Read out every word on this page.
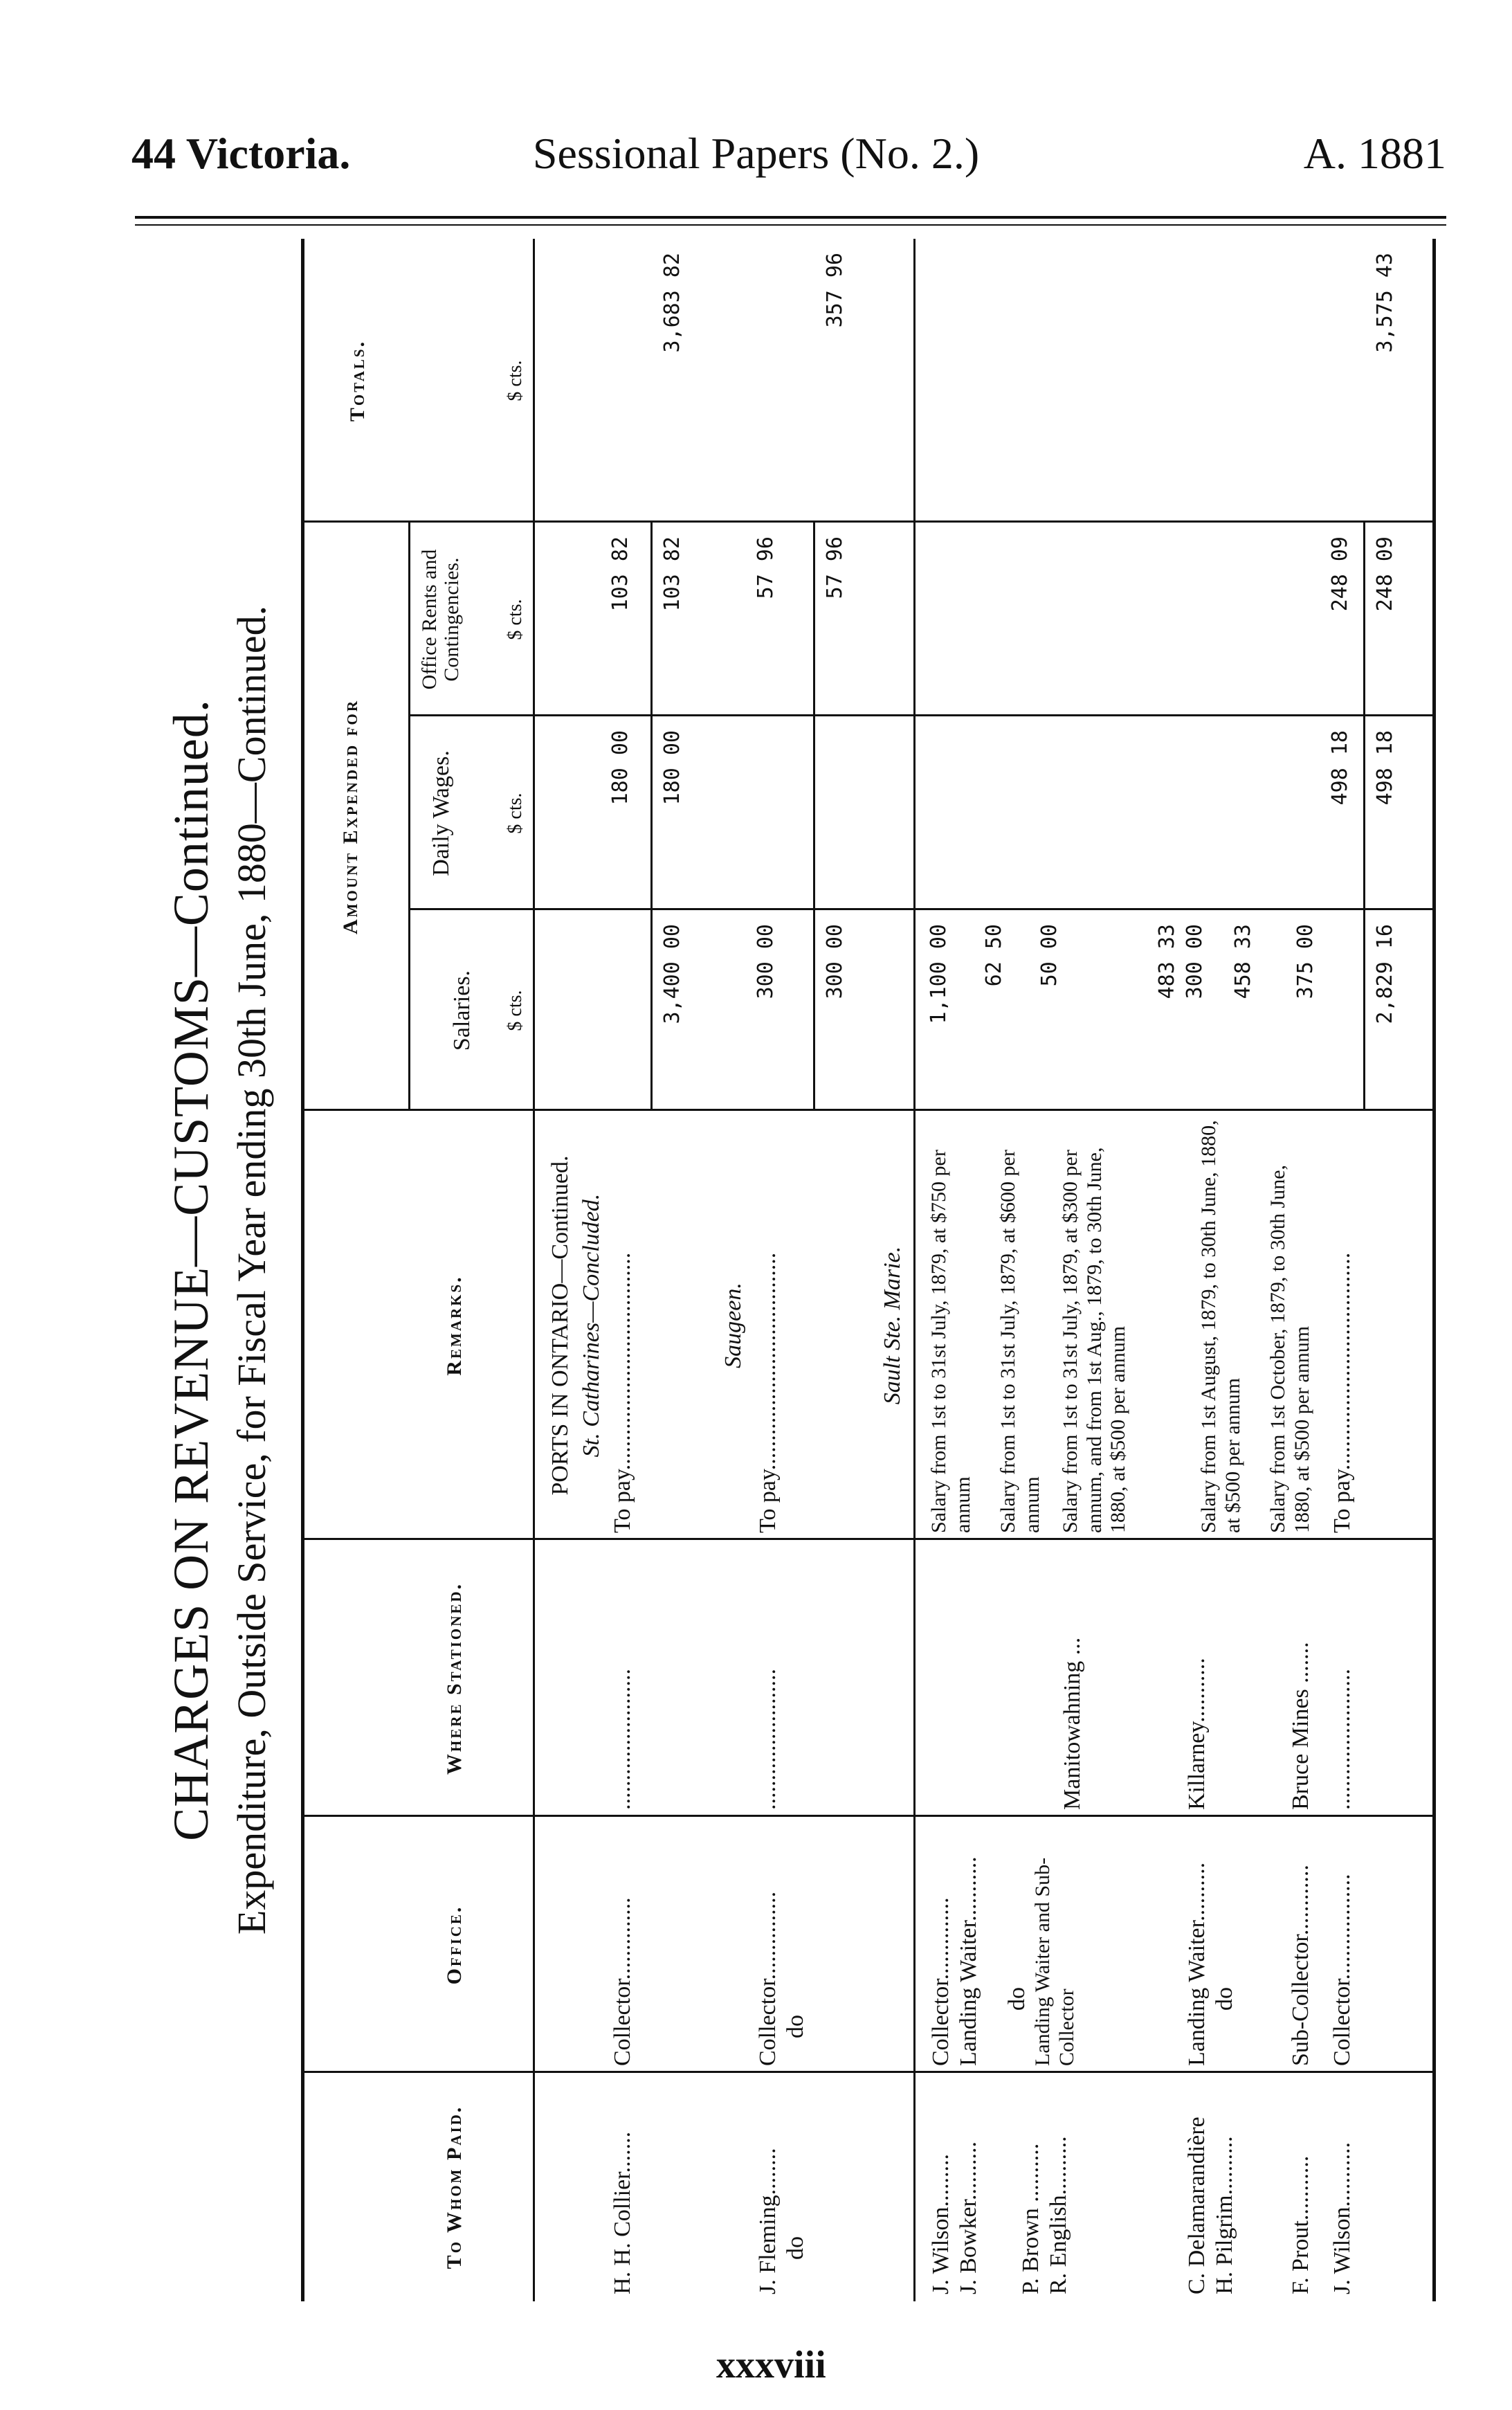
44 Victoria.	Sessional Papers (No. 2.)	A. 1881
CHARGES ON REVENUE—CUSTOMS—Continued. Expenditure, Outside Service, for Fiscal Year ending 30th June, 1880—Continued.
To Whom Paid.
Office.
Where Stationed.
Remarks.
Amount Expended for
Salaries.
Daily Wages.
Office Rents and Contingencies.
Totals.
$ cts.
$ cts.
$ cts.
$ cts.
PORTS IN ONTARIO—Continued. St. Catharines—Concluded.
H. H. Collier.......
Collector..............
........................
To pay.....................................
180 00
103 82
3,400 00
180 00
103 82
3,683 82
Saugeen.
J. Fleming........
Collector...............
........................
To pay.....................................
300 00
57 96
do
do
300 00
57 96
357 96
Sault Ste. Marie.
J. Wilson.........
Collector..............
Salary from 1st to 31st July, 1879, at $750 per annum
1,100 00
J. Bowker..........
Landing Waiter...........
62 50
P. Brown ..........
do
Salary from 1st to 31st July, 1879, at $600 per annum
50 00
R. English..........
Landing Waiter and Sub-Collector
Manitowahning ...
Salary from 1st to 31st July, 1879, at $300 per annum, and from 1st Aug., 1879, to 30th June, 1880, at $500 per annum
483 33
C. Delamarandière
Landing Waiter..........
Killarney...........
300 00
H. Pilgrim..........
do
Salary from 1st August, 1879, to 30th June, 1880, at $500 per annum
458 33
F. Prout...........
Sub-Collector............
Bruce Mines .......
Salary from 1st October, 1879, to 30th June, 1880, at $500 per annum
375 00
J. Wilson...........
Collector..................
........................
To pay.....................................
498 18
248 09
2,829 16
498 18
248 09
3,575 43
xxxviii
